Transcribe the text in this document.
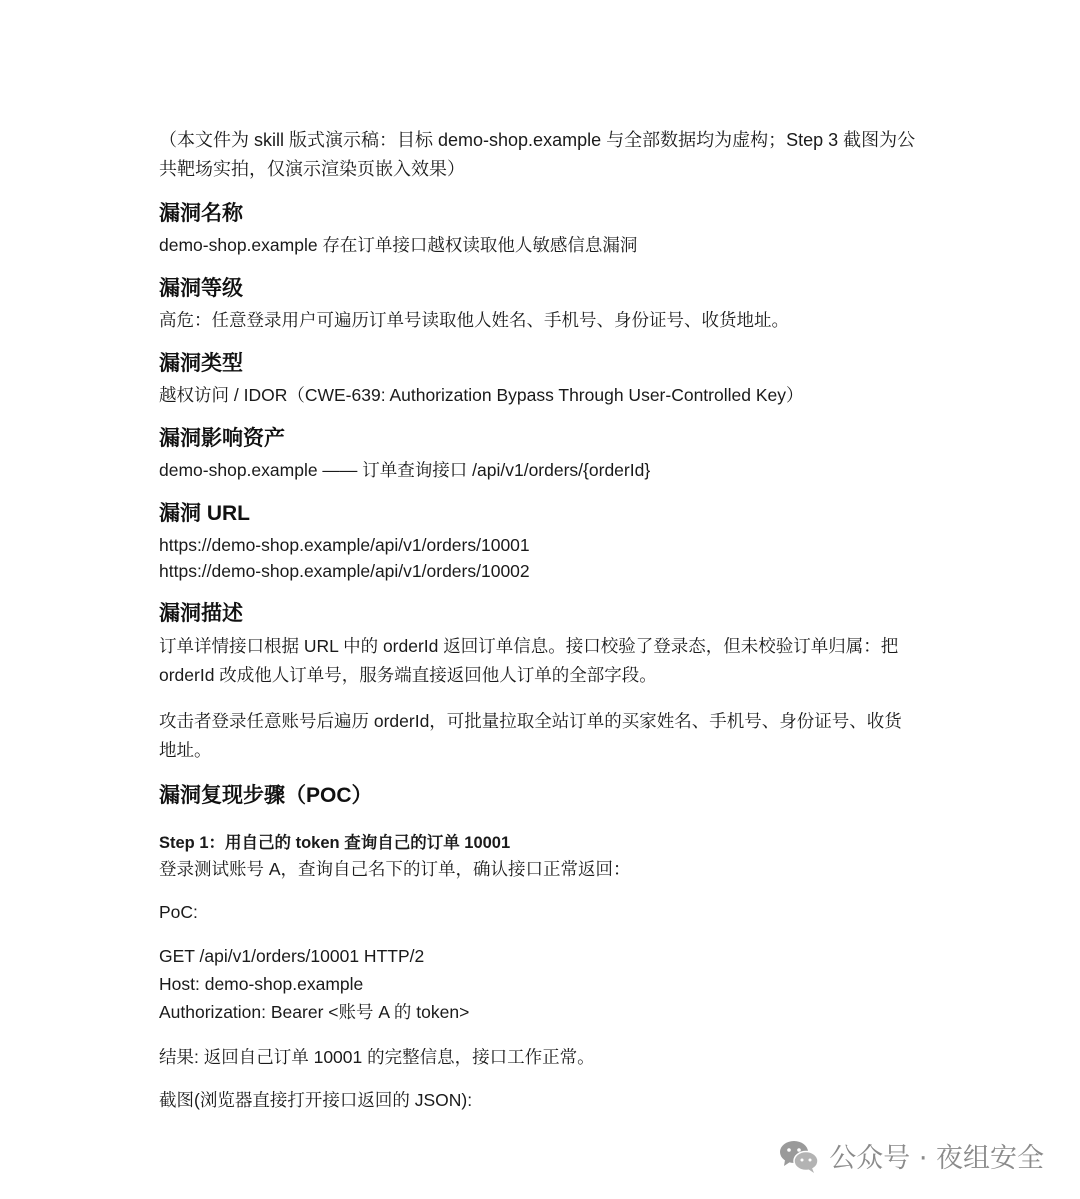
（本文件为 skill 版式演示稿：目标 demo-shop.example 与全部数据均为虚构；Step 3 截图为公共靶场实拍，仅演示渲染页嵌入效果）

漏洞名称

demo-shop.example 存在订单接口越权读取他人敏感信息漏洞

漏洞等级

高危：任意登录用户可遍历订单号读取他人姓名、手机号、身份证号、收货地址。

漏洞类型

越权访问 / IDOR（CWE-639: Authorization Bypass Through User-Controlled Key）

漏洞影响资产

demo-shop.example —— 订单查询接口 /api/v1/orders/{orderId}

漏洞 URL

https://demo-shop.example/api/v1/orders/10001

https://demo-shop.example/api/v1/orders/10002

漏洞描述

订单详情接口根据 URL 中的 orderId 返回订单信息。接口校验了登录态，但未校验订单归属：把 orderId 改成他人订单号，服务端直接返回他人订单的全部字段。

攻击者登录任意账号后遍历 orderId，可批量拉取全站订单的买家姓名、手机号、身份证号、收货地址。

漏洞复现步骤（POC）

Step 1：用自己的 token 查询自己的订单 10001

登录测试账号 A，查询自己名下的订单，确认接口正常返回：

PoC:

GET /api/v1/orders/10001 HTTP/2

Host: demo-shop.example

Authorization: Bearer <账号 A 的 token>

结果: 返回自己订单 10001 的完整信息，接口工作正常。

截图(浏览器直接打开接口返回的 JSON):

公众号 · 夜组安全
